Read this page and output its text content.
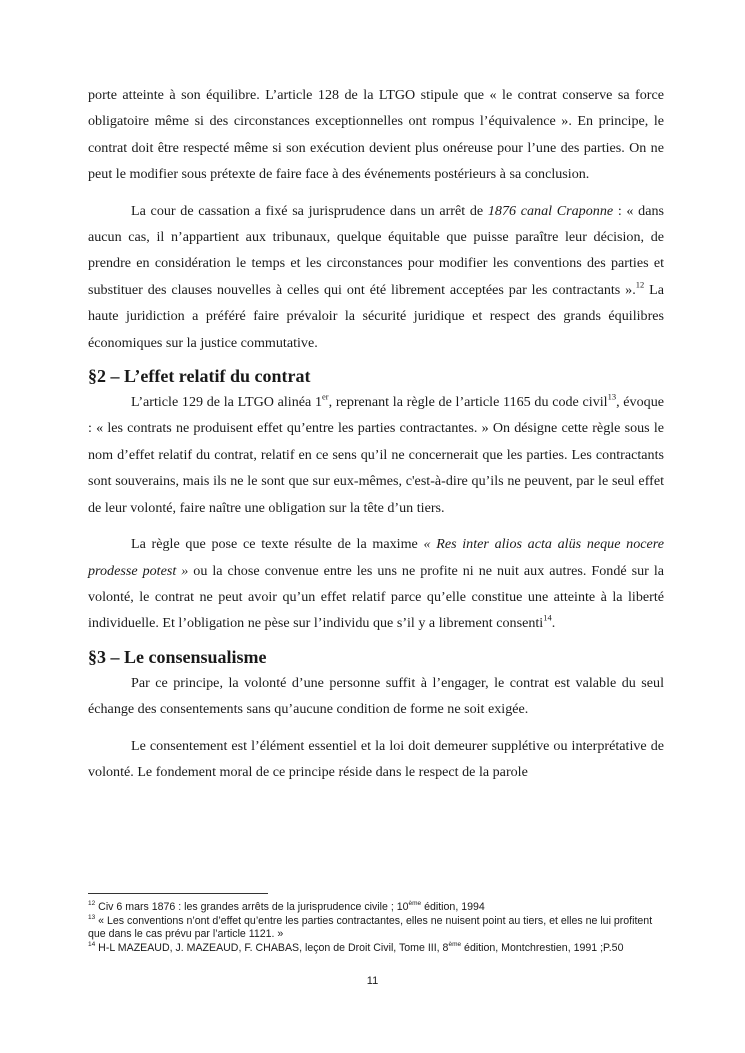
porte atteinte à son équilibre. L’article 128 de la LTGO stipule que « le contrat conserve sa force obligatoire même si des circonstances exceptionnelles ont rompus l’équivalence ». En principe, le contrat doit être respecté même si son exécution devient plus onéreuse pour l’une des parties. On ne peut le modifier sous prétexte de faire face à des événements postérieurs à sa conclusion.

La cour de cassation a fixé sa jurisprudence dans un arrêt de 1876 canal Craponne : « dans aucun cas, il n’appartient aux tribunaux, quelque équitable que puisse paraître leur décision, de prendre en considération le temps et les circonstances pour modifier les conventions des parties et substituer des clauses nouvelles à celles qui ont été librement acceptées par les contractants ».$^{12}$ La haute juridiction a préféré faire prévaloir la sécurité juridique et respect des grands équilibres économiques sur la justice commutative.

§2 – L’effet relatif du contrat

L’article 129 de la LTGO alinéa 1er, reprenant la règle de l’article 1165 du code civil$^{13}$, évoque : « les contrats ne produisent effet qu’entre les parties contractantes. » On désigne cette règle sous le nom d’effet relatif du contrat, relatif en ce sens qu’il ne concernerait que les parties. Les contractants sont souverains, mais ils ne le sont que sur eux-mêmes, c'est-à-dire qu’ils ne peuvent, par le seul effet de leur volonté, faire naître une obligation sur la tête d’un tiers.

La règle que pose ce texte résulte de la maxime « Res inter alios acta alüs neque nocere prodesse potest » ou la chose convenue entre les uns ne profite ni ne nuit aux autres. Fondé sur la volonté, le contrat ne peut avoir qu’un effet relatif parce qu’elle constitue une atteinte à la liberté individuelle. Et l’obligation ne pèse sur l’individu que s’il y a librement consenti$^{14}$.

§3 – Le consensualisme

Par ce principe, la volonté d’une personne suffit à l’engager, le contrat est valable du seul échange des consentements sans qu’aucune condition de forme ne soit exigée.

Le consentement est l’élément essentiel et la loi doit demeurer supplétive ou interprétative de volonté. Le fondement moral de ce principe réside dans le respect de la parole

$^{12}$ Civ 6 mars 1876 : les grandes arrêts de la jurisprudence civile ; 10ème édition, 1994
$^{13}$ « Les conventions n’ont d’effet qu’entre les parties contractantes, elles ne nuisent point au tiers, et elles ne lui profitent que dans le cas prévu par l’article 1121. »
$^{14}$ H-L MAZEAUD, J. MAZEAUD, F. CHABAS, leçon de Droit Civil, Tome III, 8ème édition, Montchrestien, 1991 ;P.50
11
